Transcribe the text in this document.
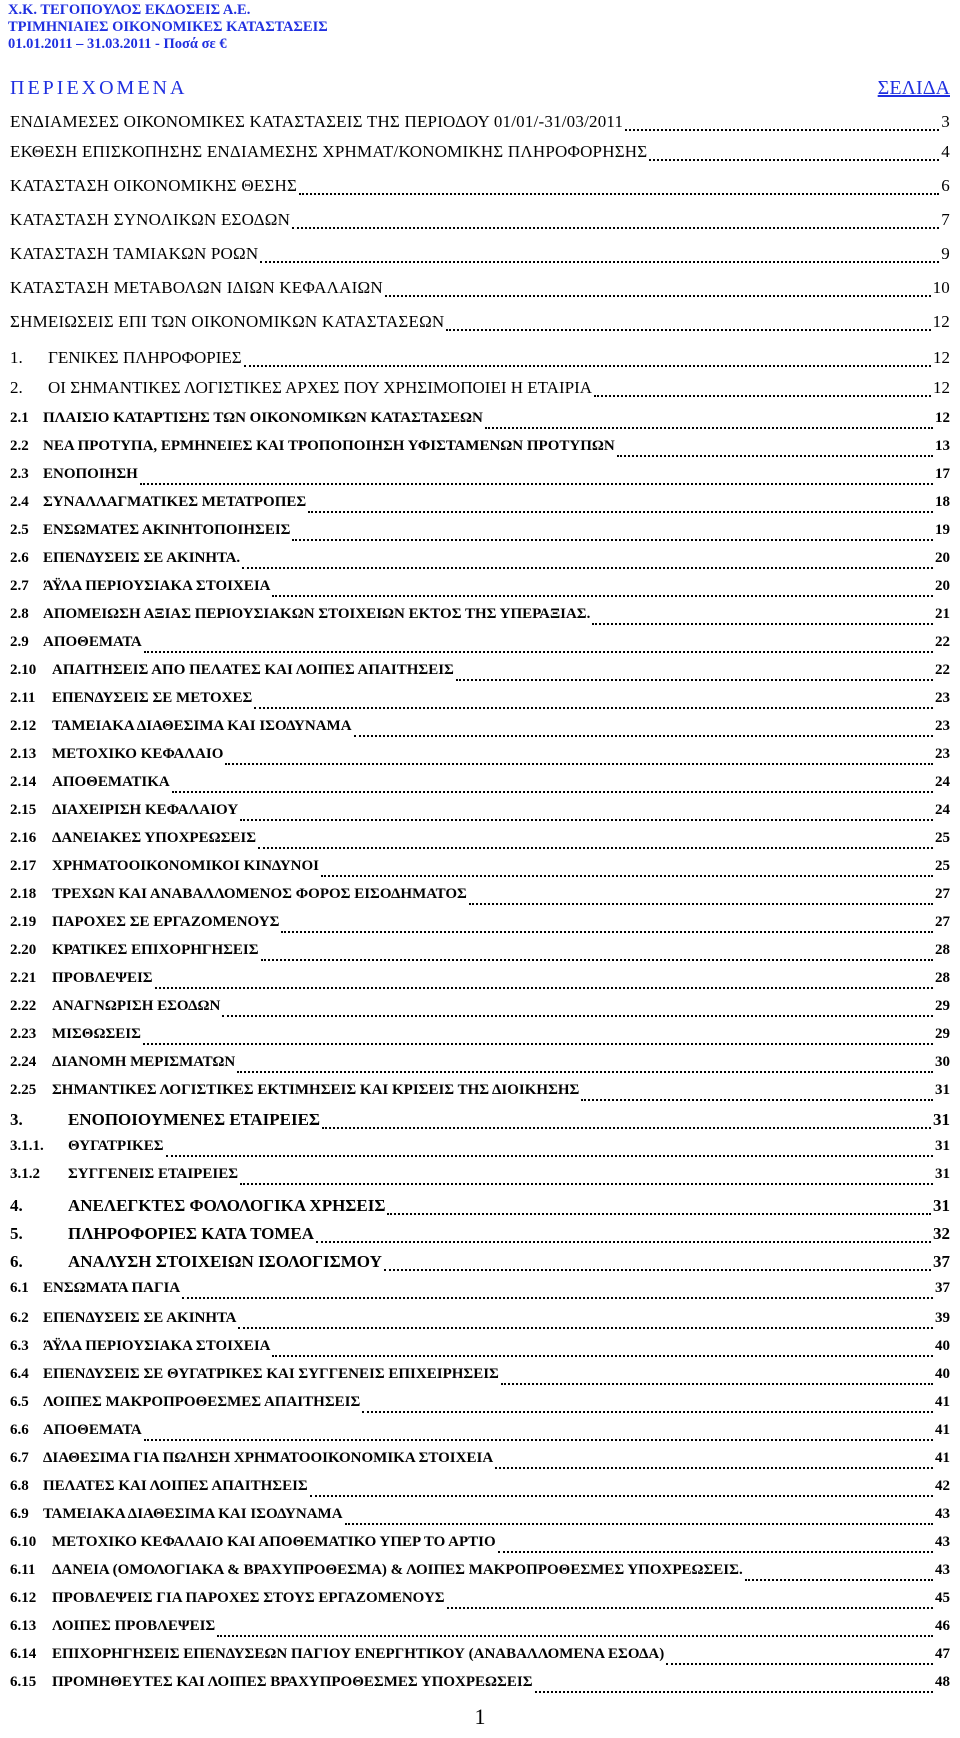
Χ.Κ. ΤΕΓΟΠΟΥΛΟΣ ΕΚΔΟΣΕΙΣ Α.Ε.
ΤΡΙΜΗΝΙΑΙΕΣ ΟΙΚΟΝΟΜΙΚΕΣ ΚΑΤΑΣΤΑΣΕΙΣ
01.01.2011 – 31.03.2011 - Ποσά σε €
ΠΕΡΙΕΧΟΜΕΝΑ	ΣΕΛΙΔΑ
ΕΝΔΙΑΜΕΣΕΣ ΟΙΚΟΝΟΜΙΚΕΣ ΚΑΤΑΣΤΑΣΕΙΣ ΤΗΣ ΠΕΡΙΟΔΟΥ 01/01/-31/03/2011	3
ΕΚΘΕΣΗ ΕΠΙΣΚΟΠΗΣΗΣ ΕΝΔΙΑΜΕΣΗΣ ΧΡΗΜΑΤ/ΚΟΝΟΜΙΚΗΣ ΠΛΗΡΟΦΟΡΗΣΗΣ	4
ΚΑΤΑΣΤΑΣΗ ΟΙΚΟΝΟΜΙΚΗΣ ΘΕΣΗΣ	6
ΚΑΤΑΣΤΑΣΗ ΣΥΝΟΛΙΚΩΝ ΕΣΟΔΩΝ	7
ΚΑΤΑΣΤΑΣΗ ΤΑΜΙΑΚΩΝ ΡΟΩΝ	9
ΚΑΤΑΣΤΑΣΗ ΜΕΤΑΒΟΛΩΝ ΙΔΙΩΝ ΚΕΦΑΛΑΙΩΝ	10
ΣΗΜΕΙΩΣΕΙΣ ΕΠΙ ΤΩΝ ΟΙΚΟΝΟΜΙΚΩΝ ΚΑΤΑΣΤΑΣΕΩΝ	12
1. ΓΕΝΙΚΕΣ ΠΛΗΡΟΦΟΡΙΕΣ	12
2. ΟΙ ΣΗΜΑΝΤΙΚΕΣ ΛΟΓΙΣΤΙΚΕΣ ΑΡΧΕΣ ΠΟΥ ΧΡΗΣΙΜΟΠΟΙΕΙ Η ΕΤΑΙΡΙΑ	12
2.1 ΠΛΑΙΣΙΟ ΚΑΤΑΡΤΙΣΗΣ ΤΩΝ ΟΙΚΟΝΟΜΙΚΩΝ ΚΑΤΑΣΤΑΣΕΩΝ	12
2.2 ΝΕΑ ΠΡΟΤΥΠΑ, ΕΡΜΗΝΕΙΕΣ ΚΑΙ ΤΡΟΠΟΠΟΙΗΣΗ ΥΦΙΣΤΑΜΕΝΩΝ ΠΡΟΤΥΠΩΝ	13
2.3 ΕΝΟΠΟΙΗΣΗ	17
2.4 ΣΥΝΑΛΛΑΓΜΑΤΙΚΕΣ ΜΕΤΑΤΡΟΠΕΣ	18
2.5 ΕΝΣΩΜΑΤΕΣ ΑΚΙΝΗΤΟΠΟΙΗΣΕΙΣ	19
2.6 ΕΠΕΝΔΥΣΕΙΣ ΣΕ ΑΚΙΝΗΤΑ.	20
2.7 ΆΫΛΑ ΠΕΡΙΟΥΣΙΑΚΑ ΣΤΟΙΧΕΙΑ	20
2.8 ΑΠΟΜΕΙΩΣΗ ΑΞΙΑΣ ΠΕΡΙΟΥΣΙΑΚΩΝ ΣΤΟΙΧΕΙΩΝ ΕΚΤΟΣ ΤΗΣ ΥΠΕΡΑΞΙΑΣ.	21
2.9 ΑΠΟΘΕΜΑΤΑ	22
2.10 ΑΠΑΙΤΗΣΕΙΣ ΑΠΟ ΠΕΛΑΤΕΣ ΚΑΙ ΛΟΙΠΕΣ ΑΠΑΙΤΗΣΕΙΣ	22
2.11 ΕΠΕΝΔΥΣΕΙΣ ΣΕ ΜΕΤΟΧΕΣ	23
2.12 ΤΑΜΕΙΑΚΑ ΔΙΑΘΕΣΙΜΑ ΚΑΙ ΙΣΟΔΥΝΑΜΑ	23
2.13 ΜΕΤΟΧΙΚΟ ΚΕΦΑΛΑΙΟ	23
2.14 ΑΠΟΘΕΜΑΤΙΚΑ	24
2.15 ΔΙΑΧΕΙΡΙΣΗ ΚΕΦΑΛΑΙΟΥ	24
2.16 ΔΑΝΕΙΑΚΕΣ ΥΠΟΧΡΕΩΣΕΙΣ	25
2.17 ΧΡΗΜΑΤΟΟΙΚΟΝΟΜΙΚΟΙ ΚΙΝΔΥΝΟΙ	25
2.18 ΤΡΕΧΩΝ ΚΑΙ ΑΝΑΒΑΛΛΟΜΕΝΟΣ ΦΟΡΟΣ ΕΙΣΟΔΗΜΑΤΟΣ	27
2.19 ΠΑΡΟΧΕΣ ΣΕ ΕΡΓΑΖΟΜΕΝΟΥΣ	27
2.20 ΚΡΑΤΙΚΕΣ ΕΠΙΧΟΡΗΓΗΣΕΙΣ	28
2.21 ΠΡΟΒΛΕΨΕΙΣ	28
2.22 ΑΝΑΓΝΩΡΙΣΗ ΕΣΟΔΩΝ	29
2.23 ΜΙΣΘΩΣΕΙΣ	29
2.24 ΔΙΑΝΟΜΗ ΜΕΡΙΣΜΑΤΩΝ	30
2.25 ΣΗΜΑΝΤΙΚΕΣ ΛΟΓΙΣΤΙΚΕΣ ΕΚΤΙΜΗΣΕΙΣ ΚΑΙ ΚΡΙΣΕΙΣ ΤΗΣ ΔΙΟΙΚΗΣΗΣ	31
3.	ΕΝΟΠΟΙΟΥΜΕΝΕΣ ΕΤΑΙΡΕΙΕΣ	31
3.1.1. ΘΥΓΑΤΡΙΚΕΣ	31
3.1.2 ΣΥΓΓΕΝΕΙΣ ΕΤΑΙΡΕΙΕΣ	31
4.	ΑΝΕΛΕΓΚΤΕΣ ΦΟΛΟΛΟΓΙΚΑ ΧΡΗΣΕΙΣ	31
5.	ΠΛΗΡΟΦΟΡΙΕΣ ΚΑΤΑ ΤΟΜΕΑ	32
6.	ΑΝΑΛΥΣΗ ΣΤΟΙΧΕΙΩΝ ΙΣΟΛΟΓΙΣΜΟΥ	37
6.1 ΕΝΣΩΜΑΤΑ ΠΑΓΙΑ	37
6.2 ΕΠΕΝΔΥΣΕΙΣ ΣΕ ΑΚΙΝΗΤΑ	39
6.3 ΆΫΛΑ ΠΕΡΙΟΥΣΙΑΚΑ ΣΤΟΙΧΕΙΑ	40
6.4 ΕΠΕΝΔΥΣΕΙΣ ΣΕ ΘΥΓΑΤΡΙΚΕΣ ΚΑΙ ΣΥΓΓΕΝΕΙΣ ΕΠΙΧΕΙΡΗΣΕΙΣ	40
6.5 ΛΟΙΠΕΣ ΜΑΚΡΟΠΡΟΘΕΣΜΕΣ ΑΠΑΙΤΗΣΕΙΣ	41
6.6 ΑΠΟΘΕΜΑΤΑ	41
6.7 ΔΙΑΘΕΣΙΜΑ ΓΙΑ ΠΩΛΗΣΗ ΧΡΗΜΑΤΟΟΙΚΟΝΟΜΙΚΑ ΣΤΟΙΧΕΙΑ	41
6.8 ΠΕΛΑΤΕΣ ΚΑΙ ΛΟΙΠΕΣ ΑΠΑΙΤΗΣΕΙΣ	42
6.9 ΤΑΜΕΙΑΚΑ ΔΙΑΘΕΣΙΜΑ ΚΑΙ ΙΣΟΔΥΝΑΜΑ	43
6.10 ΜΕΤΟΧΙΚΟ ΚΕΦΑΛΑΙΟ ΚΑΙ ΑΠΟΘΕΜΑΤΙΚΟ ΥΠΕΡ ΤΟ ΑΡΤΙΟ	43
6.11 ΔΑΝΕΙΑ (ΟΜΟΛΟΓΙΑΚΑ & ΒΡΑΧΥΠΡΟΘΕΣΜΑ) & ΛΟΙΠΕΣ ΜΑΚΡΟΠΡΟΘΕΣΜΕΣ ΥΠΟΧΡΕΩΣΕΙΣ.	43
6.12 ΠΡΟΒΛΕΨΕΙΣ ΓΙΑ ΠΑΡΟΧΕΣ ΣΤΟΥΣ ΕΡΓΑΖΟΜΕΝΟΥΣ	45
6.13 ΛΟΙΠΕΣ ΠΡΟΒΛΕΨΕΙΣ	46
6.14 ΕΠΙΧΟΡΗΓΗΣΕΙΣ ΕΠΕΝΔΥΣΕΩΝ ΠΑΓΙΟΥ ΕΝΕΡΓΗΤΙΚΟΥ (ΑΝΑΒΑΛΛΟΜΕΝΑ ΕΣΟΔΑ)	47
6.15 ΠΡΟΜΗΘΕΥΤΕΣ ΚΑΙ ΛΟΙΠΕΣ ΒΡΑΧΥΠΡΟΘΕΣΜΕΣ ΥΠΟΧΡΕΩΣΕΙΣ	48
1
